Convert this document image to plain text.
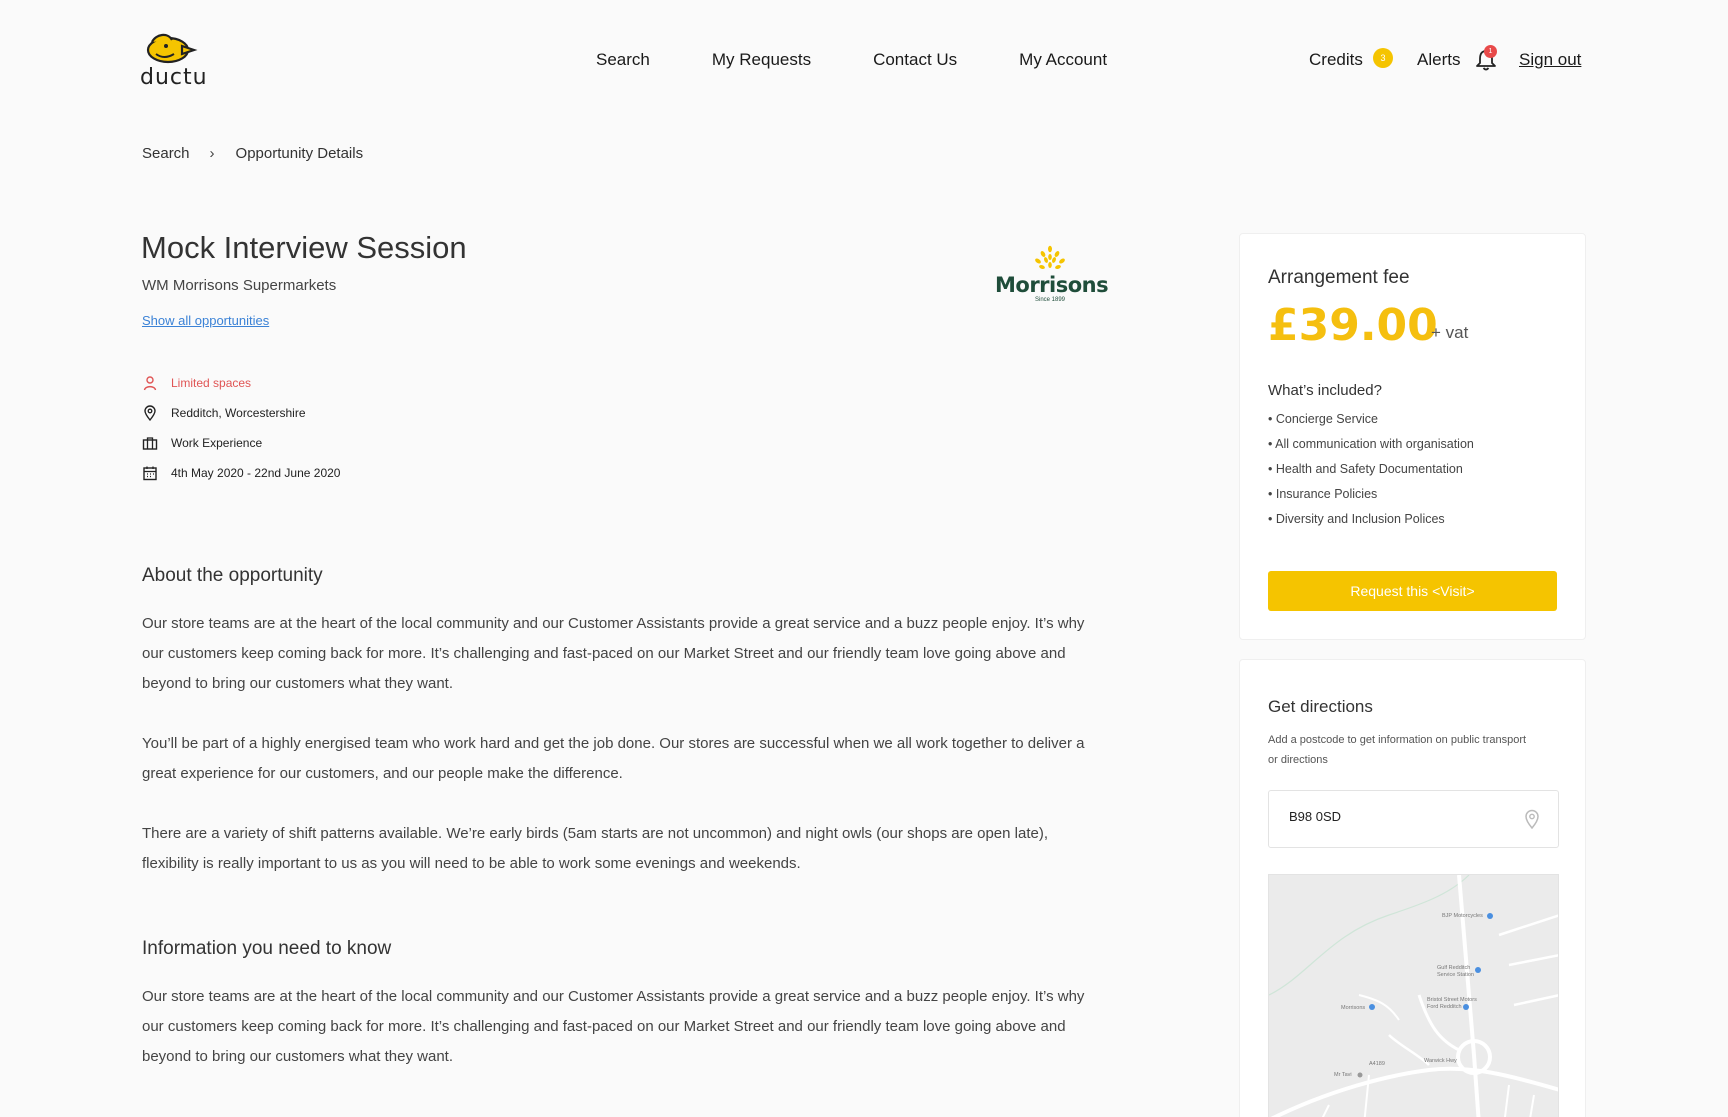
ductu
Search	My Requests	Contact Us	My Account	Credits	3	Alerts	1 Sign out
Search › Opportunity Details
Mock Interview Session
WM Morrisons Supermarkets
Show all opportunities
Morrisons
Since 1899
Limited spaces
Redditch, Worcestershire
Work Experience
4th May 2020 - 22nd June 2020
About the opportunity

Our store teams are at the heart of the local community and our Customer Assistants provide a great service and a buzz people enjoy. It’s why our customers keep coming back for more. It’s challenging and fast-paced on our Market Street and our friendly team love going above and beyond to bring our customers what they want.

You’ll be part of a highly energised team who work hard and get the job done. Our stores are successful when we all work together to deliver a great experience for our customers, and our people make the difference.

There are a variety of shift patterns available. We’re early birds (5am starts are not uncommon) and night owls (our shops are open late), flexibility is really important to us as you will need to be able to work some evenings and weekends.

Information you need to know

Our store teams are at the heart of the local community and our Customer Assistants provide a great service and a buzz people enjoy. It’s why our customers keep coming back for more. It’s challenging and fast-paced on our Market Street and our friendly team love going above and beyond to bring our customers what they want.

Arrangement fee
£39.00
+ vat
What’s included?
• Concierge Service
• All communication with organisation
• Health and Safety Documentation
• Insurance Policies
• Diversity and Inclusion Polices
Request this <Visit>
Get directions
Add a postcode to get information on public transport or directions
B98 0SD
BJP Motorcycles
Gulf Redditch Service Station
Bristol Street Motors Ford Redditch
Morrisons
Warwick Hwy
A4189
Mr Tavi
